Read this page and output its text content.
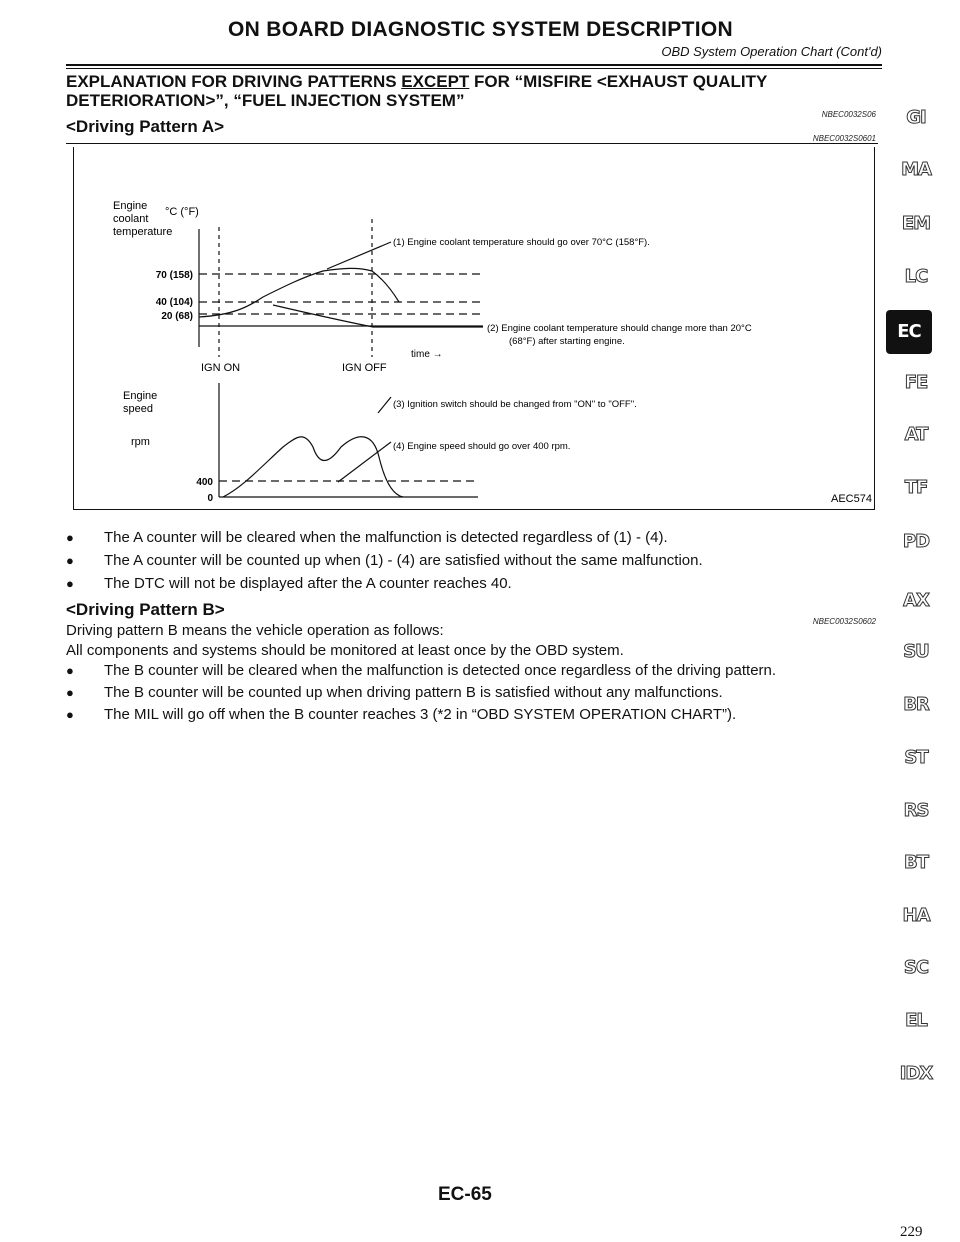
ON BOARD DIAGNOSTIC SYSTEM DESCRIPTION
OBD System Operation Chart (Cont'd)
EXPLANATION FOR DRIVING PATTERNS EXCEPT FOR “MISFIRE <EXHAUST QUALITY
DETERIORATION>”, “FUEL INJECTION SYSTEM”
NBEC0032S06
<Driving Pattern A>
NBEC0032S0601
Engine
coolant
temperature
°C (°F)
70 (158)
40 (104)
20 (68)
IGN ON	IGN OFF
time →
Engine
speed
rpm
400
0
(1) Engine coolant temperature should go over 70°C (158°F).
(2) Engine coolant temperature should change more than 20°C
(68°F) after starting engine.
(3) Ignition switch should be changed from "ON" to "OFF".
(4) Engine speed should go over 400 rpm.
AEC574
● The A counter will be cleared when the malfunction is detected regardless of (1) - (4).
● The A counter will be counted up when (1) - (4) are satisfied without the same malfunction.
● The DTC will not be displayed after the A counter reaches 40.
<Driving Pattern B>
NBEC0032S0602
Driving pattern B means the vehicle operation as follows:
All components and systems should be monitored at least once by the OBD system.
● The B counter will be cleared when the malfunction is detected once regardless of the driving pattern.
● The B counter will be counted up when driving pattern B is satisfied without any malfunctions.
● The MIL will go off when the B counter reaches 3 (*2 in “OBD SYSTEM OPERATION CHART”).
GI
MA
EM
LC
EC
FE
AT
TF
PD
AX
SU
BR
ST
RS
BT
HA
SC
EL
IDX
EC-65
229
